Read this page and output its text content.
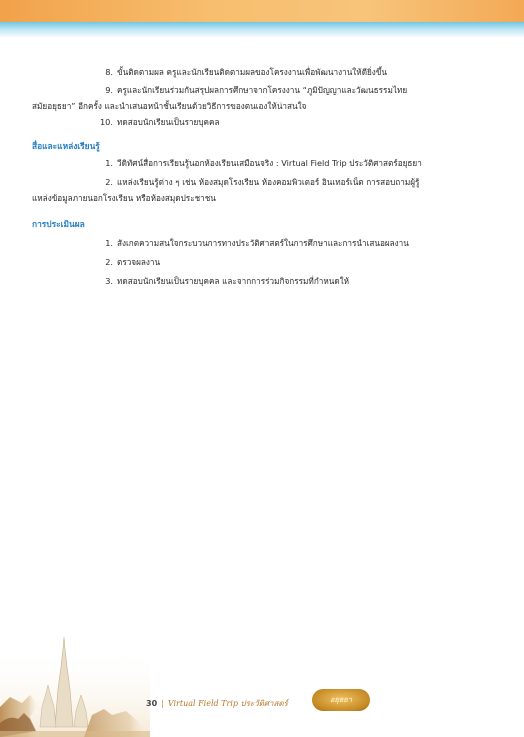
8. ขั้นติดตามผล ครูและนักเรียนติดตามผลของโครงงานเพื่อพัฒนางานให้ดียิ่งขึ้น
9. ครูและนักเรียนร่วมกันสรุปผลการศึกษาจากโครงงาน “ภูมิปัญญาและวัฒนธรรมไทย
สมัยอยุธยา” อีกครั้ง และนำเสนอหน้าชั้นเรียนด้วยวิธีการของตนเองให้น่าสนใจ
10. ทดสอบนักเรียนเป็นรายบุคคล
สื่อและแหล่งเรียนรู้
1. วีดิทัศน์สื่อการเรียนรู้นอกห้องเรียนเสมือนจริง : Virtual Field Trip ประวัติศาสตร์อยุธยา
2. แหล่งเรียนรู้ต่าง ๆ เช่น ห้องสมุดโรงเรียน ห้องคอมพิวเตอร์ อินเทอร์เน็ต การสอบถามผู้รู้
แหล่งข้อมูลภายนอกโรงเรียน หรือห้องสมุดประชาชน
การประเมินผล
1. สังเกตความสนใจกระบวนการทางประวัติศาสตร์ในการศึกษาและการนำเสนอผลงาน
2. ตรวจผลงาน
3. ทดสอบนักเรียนเป็นรายบุคคล และจากการร่วมกิจกรรมที่กำหนดให้
30 | Virtual Field Trip ประวัติศาสตร์	อยุธยา
